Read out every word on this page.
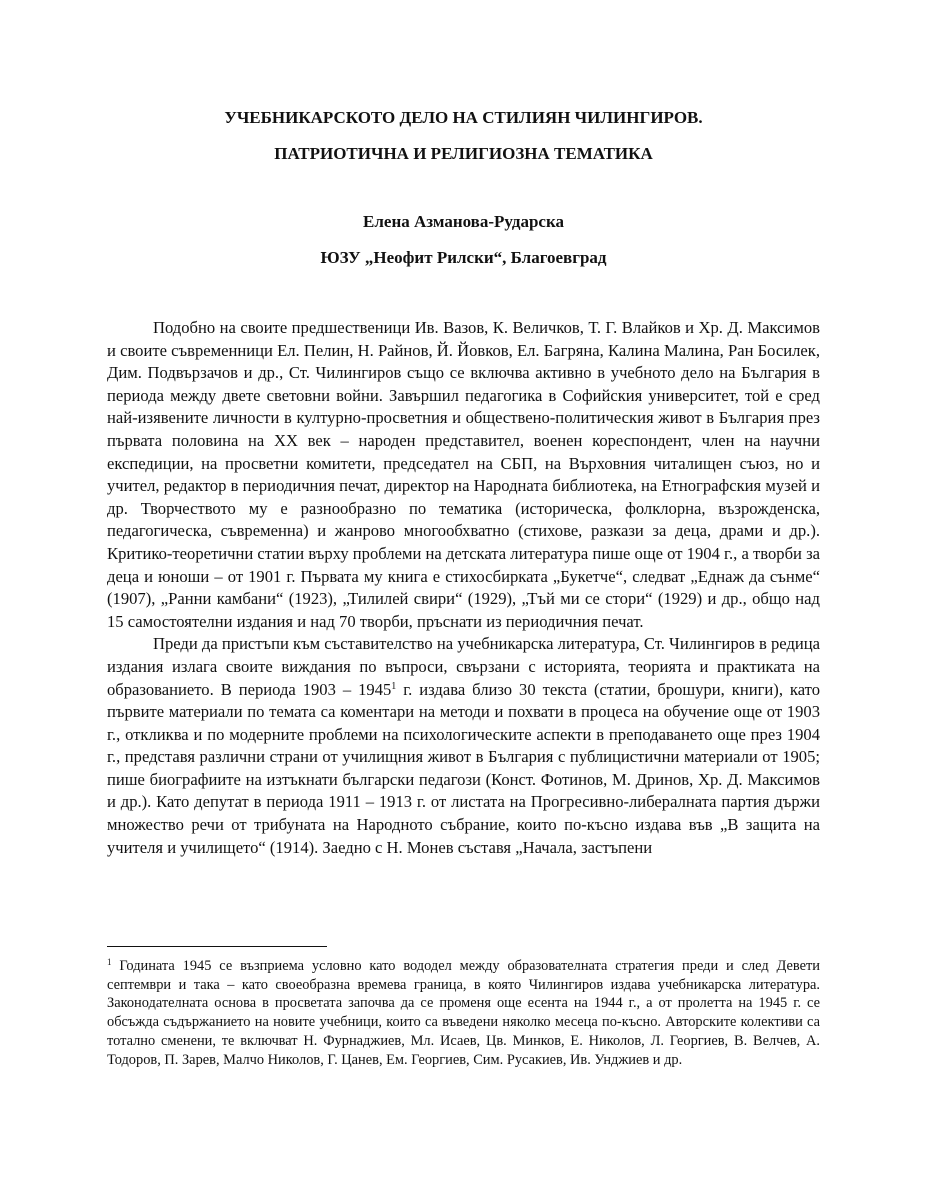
УЧЕБНИКАРСКОТО ДЕЛО НА СТИЛИЯН ЧИЛИНГИРОВ.
ПАТРИОТИЧНА И РЕЛИГИОЗНА ТЕМАТИКА
Елена Азманова-Рударска
ЮЗУ „Неофит Рилски“, Благоевград

Подобно на своите предшественици Ив. Вазов, К. Величков, Т. Г. Влайков и Хр. Д. Максимов и своите съвременници Ел. Пелин, Н. Райнов, Й. Йовков, Ел. Багряна, Калина Малина, Ран Босилек, Дим. Подвързачов и др., Ст. Чилингиров също се включва активно в учебното дело на България в периода между двете световни войни. Завършил педагогика в Софийския университет, той е сред най-изявените личности в културно-просветния и обществено-политическия живот в България през първата половина на ХХ век – народен представител, военен кореспондент, член на научни експедиции, на просветни комитети, председател на СБП, на Върховния читалищен съюз, но и учител, редактор в периодичния печат, директор на Народната библиотека, на Етнографския музей и др. Творчеството му е разнообразно по тематика (историческа, фолклорна, възрожденска, педагогическа, съвременна) и жанрово многообхватно (стихове, разкази за деца, драми и др.). Критико-теоретични статии върху проблеми на детската литература пише още от 1904 г., а творби за деца и юноши – от 1901 г. Първата му книга е стихосбирката „Букетче“, следват „Еднаж да сънме“ (1907), „Ранни камбани“ (1923), „Тилилей свири“ (1929), „Тъй ми се стори“ (1929) и др., общо над 15 самостоятелни издания и над 70 творби, пръснати из периодичния печат.

Преди да пристъпи към съставителство на учебникарска литература, Ст. Чилингиров в редица издания излага своите виждания по въпроси, свързани с историята, теорията и практиката на образованието. В периода 1903 – 1945$^1$ г. издава близо 30 текста (статии, брошури, книги), като първите материали по темата са коментари на методи и похвати в процеса на обучение още от 1903 г., откликва и по модерните проблеми на психологическите аспекти в преподаването още през 1904 г., представя различни страни от училищния живот в България с публицистични материали от 1905; пише биографиите на изтъкнати български педагози (Конст. Фотинов, М. Дринов, Хр. Д. Максимов и др.). Като депутат в периода 1911 – 1913 г. от листата на Прогресивно-либералната партия държи множество речи от трибуната на Народното събрание, които по-късно издава във „В защита на учителя и училището“ (1914). Заедно с Н. Монев съставя „Начала, застъпени

$^1$ Годината 1945 се възприема условно като вододел между образователната стратегия преди и след Девети септември и така – като своеобразна времева граница, в която Чилингиров издава учебникарска литература. Законодателната основа в просветата започва да се променя още есента на 1944 г., а от пролетта на 1945 г. се обсъжда съдържанието на новите учебници, които са въведени няколко месеца по-късно. Авторските колективи са тотално сменени, те включват Н. Фурнаджиев, Мл. Исаев, Цв. Минков, Е. Николов, Л. Георгиев, В. Велчев, А. Тодоров, П. Зарев, Малчо Николов, Г. Цанев, Ем. Георгиев, Сим. Русакиев, Ив. Унджиев и др.
